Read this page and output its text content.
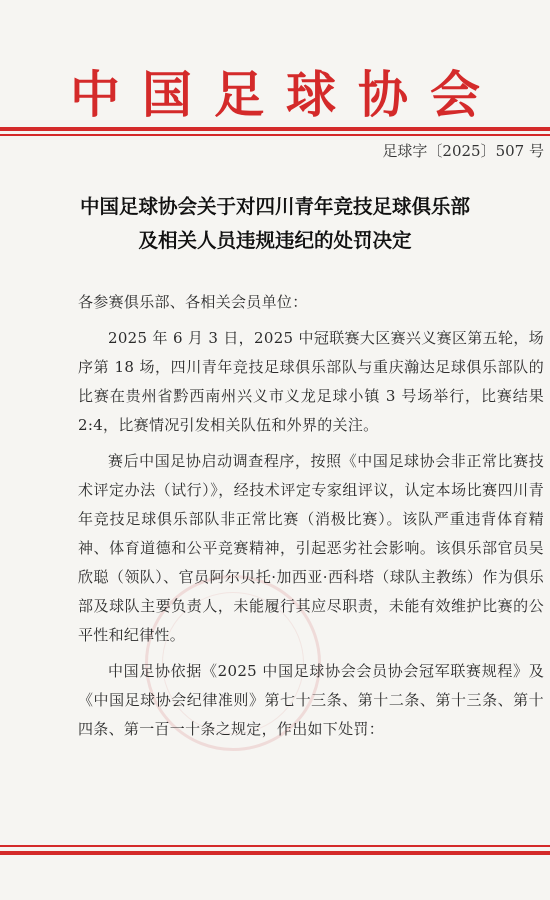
中国足球协会
足球字〔2025〕507 号
中国足球协会关于对四川青年竞技足球俱乐部
及相关人员违规违纪的处罚决定

各参赛俱乐部、各相关会员单位：

2025 年 6 月 3 日，2025 中冠联赛大区赛兴义赛区第五轮，场序第 18 场，四川青年竞技足球俱乐部队与重庆瀚达足球俱乐部队的比赛在贵州省黔西南州兴义市义龙足球小镇 3 号场举行，比赛结果 2:4，比赛情况引发相关队伍和外界的关注。

赛后中国足协启动调查程序，按照《中国足球协会非正常比赛技术评定办法（试行）》，经技术评定专家组评议，认定本场比赛四川青年竞技足球俱乐部队非正常比赛（消极比赛）。该队严重违背体育精神、体育道德和公平竞赛精神，引起恶劣社会影响。该俱乐部官员吴欣聪（领队）、官员阿尔贝托·加西亚·西科塔（球队主教练）作为俱乐部及球队主要负责人，未能履行其应尽职责，未能有效维护比赛的公平性和纪律性。

中国足协依据《2025 中国足球协会会员协会冠军联赛规程》及《中国足球协会纪律准则》第七十三条、第十二条、第十三条、第十四条、第一百一十条之规定，作出如下处罚：
